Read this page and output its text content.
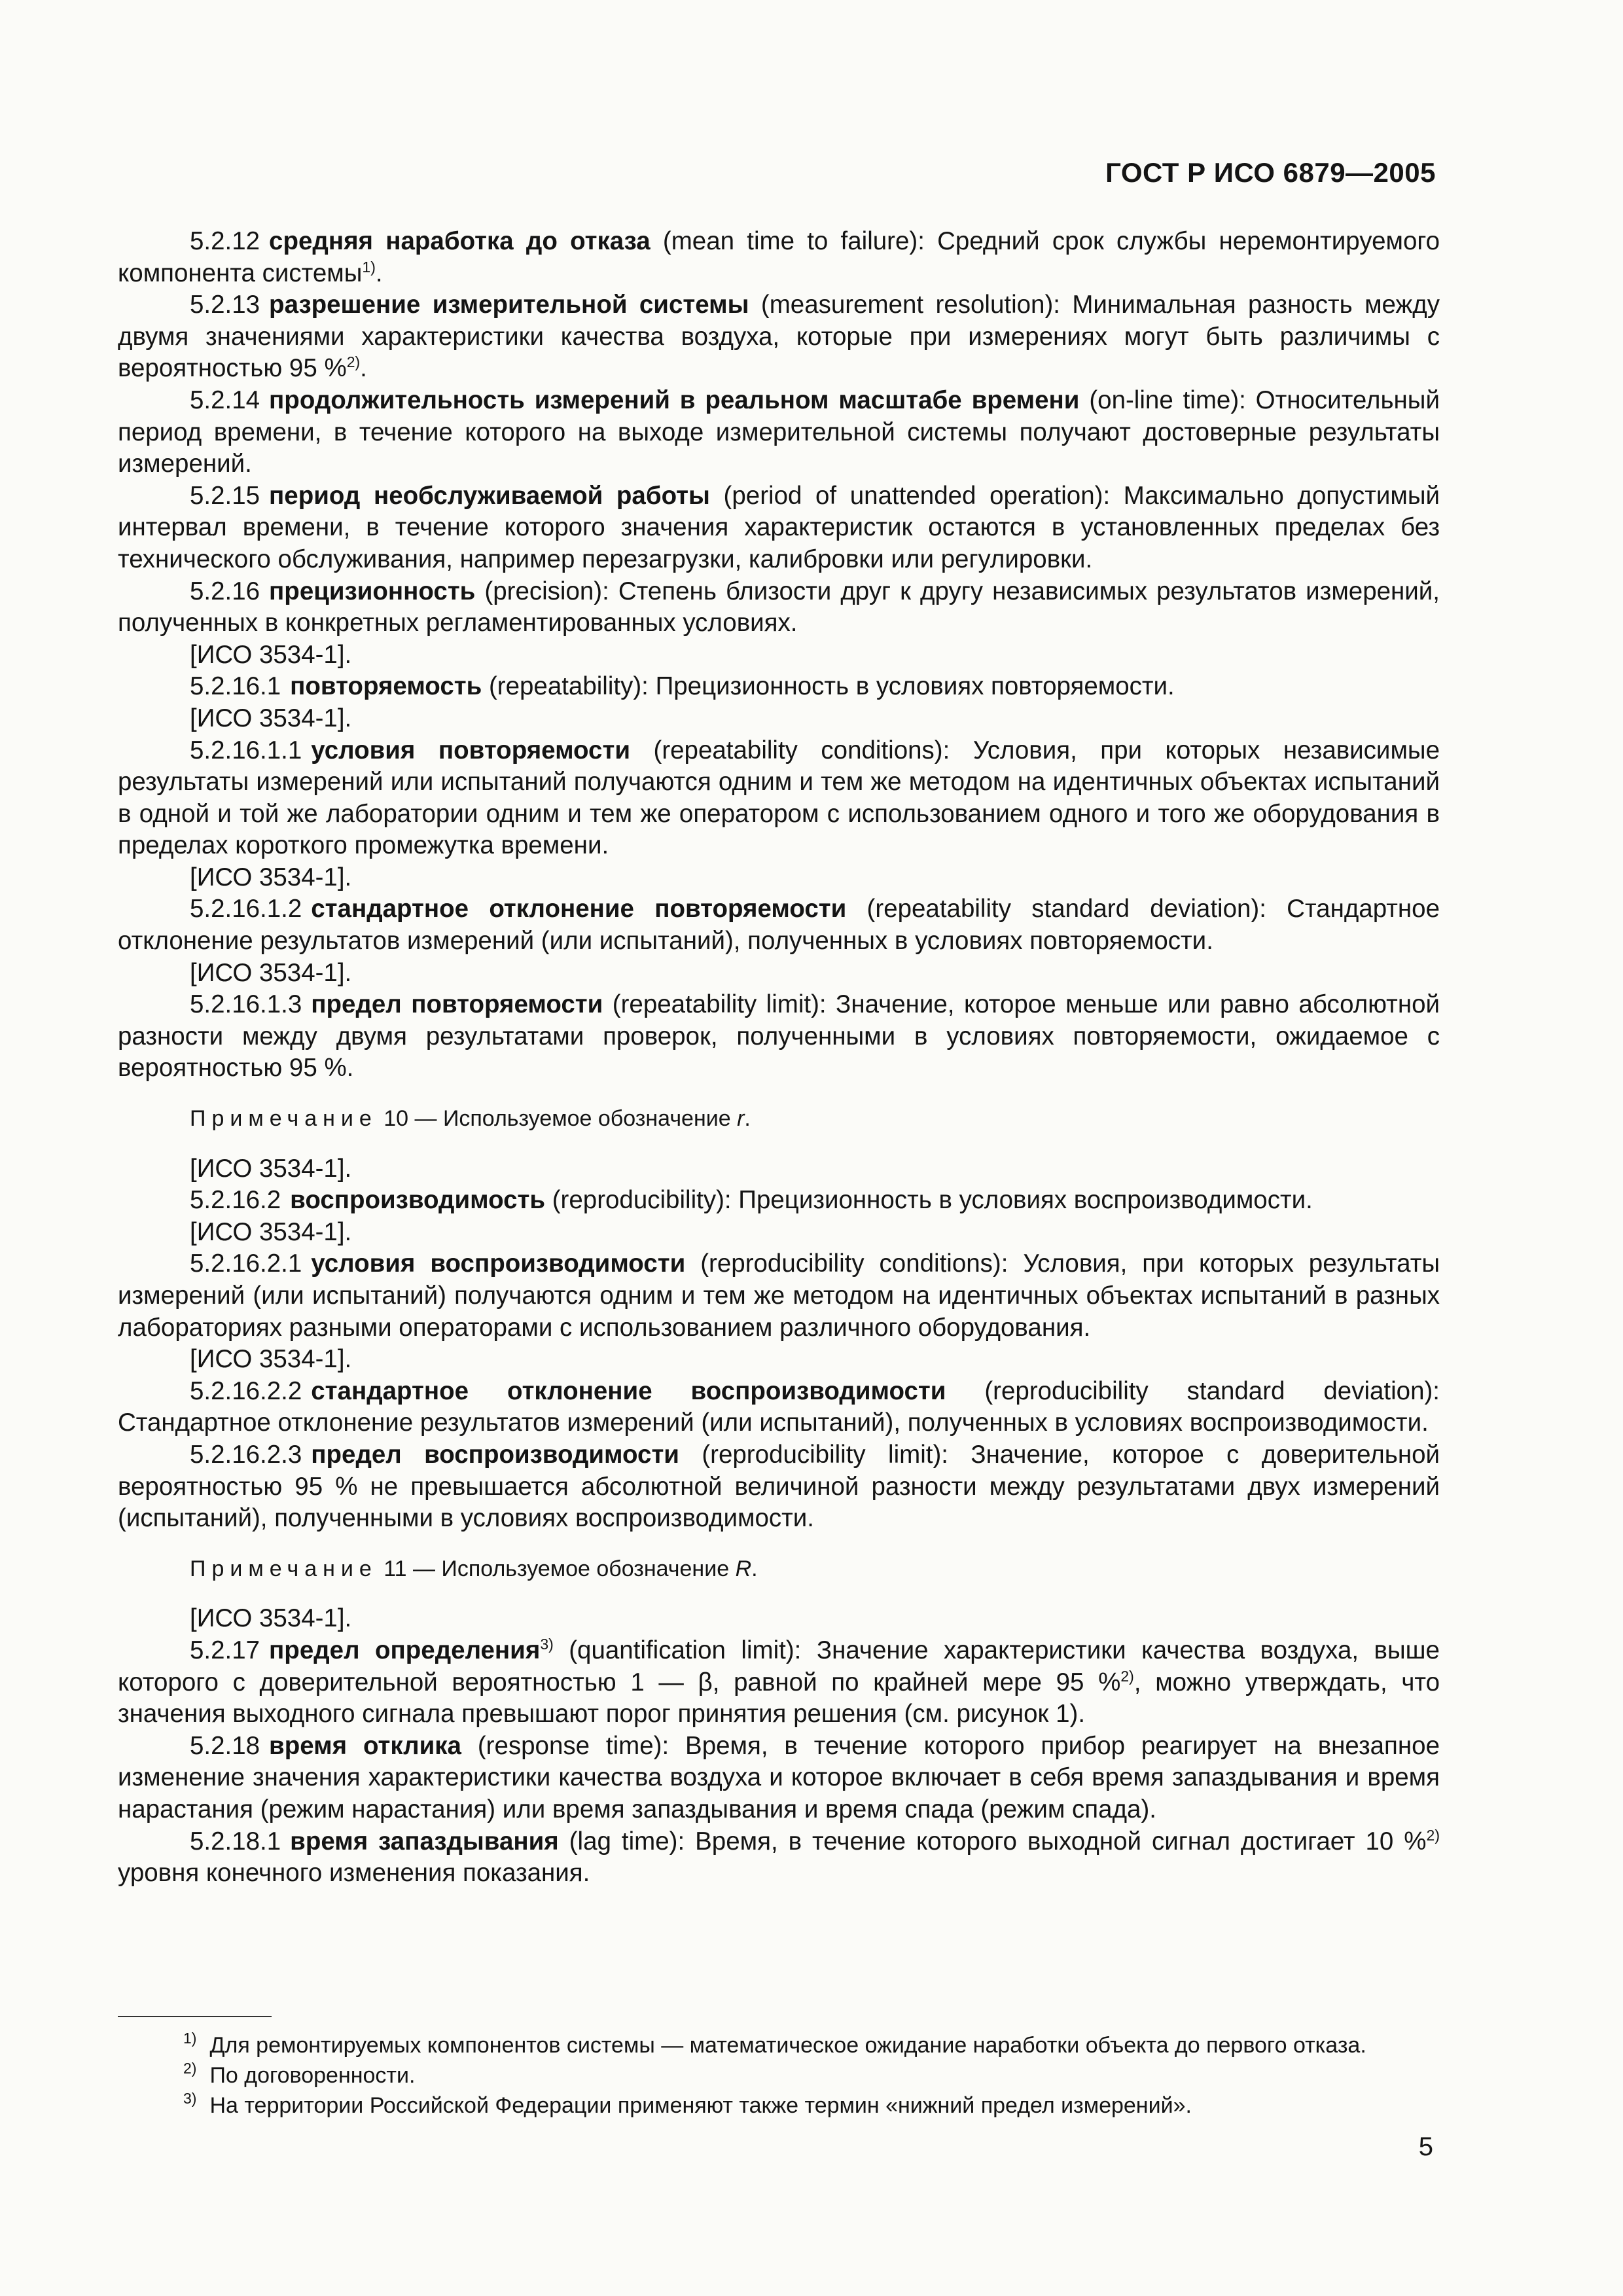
ГОСТ Р ИСО 6879—2005

5.2.12 средняя наработка до отказа (mean time to failure): Средний срок службы неремонтируемого компонента системы$^{1)}$.

5.2.13 разрешение измерительной системы (measurement resolution): Минимальная разность между двумя значениями характеристики качества воздуха, которые при измерениях могут быть различимы с вероятностью 95 %$^{2)}$.

5.2.14 продолжительность измерений в реальном масштабе времени (on-line time): Относительный период времени, в течение которого на выходе измерительной системы получают достоверные результаты измерений.

5.2.15 период необслуживаемой работы (period of unattended operation): Максимально допустимый интервал времени, в течение которого значения характеристик остаются в установленных пределах без технического обслуживания, например перезагрузки, калибровки или регулировки.

5.2.16 прецизионность (precision): Степень близости друг к другу независимых результатов измерений, полученных в конкретных регламентированных условиях.

[ИСО 3534-1].

5.2.16.1 повторяемость (repeatability): Прецизионность в условиях повторяемости.

[ИСО 3534-1].

5.2.16.1.1 условия повторяемости (repeatability conditions): Условия, при которых независимые результаты измерений или испытаний получаются одним и тем же методом на идентичных объектах испытаний в одной и той же лаборатории одним и тем же оператором с использованием одного и того же оборудования в пределах короткого промежутка времени.

[ИСО 3534-1].

5.2.16.1.2 стандартное отклонение повторяемости (repeatability standard deviation): Стандартное отклонение результатов измерений (или испытаний), полученных в условиях повторяемости.

[ИСО 3534-1].

5.2.16.1.3 предел повторяемости (repeatability limit): Значение, которое меньше или равно абсолютной разности между двумя результатами проверок, полученными в условиях повторяемости, ожидаемое с вероятностью 95 %.

Примечание 10 — Используемое обозначение r.

[ИСО 3534-1].

5.2.16.2 воспроизводимость (reproducibility): Прецизионность в условиях воспроизводимости.

[ИСО 3534-1].

5.2.16.2.1 условия воспроизводимости (reproducibility conditions): Условия, при которых результаты измерений (или испытаний) получаются одним и тем же методом на идентичных объектах испытаний в разных лабораториях разными операторами с использованием различного оборудования.

[ИСО 3534-1].

5.2.16.2.2 стандартное отклонение воспроизводимости (reproducibility standard deviation): Стандартное отклонение результатов измерений (или испытаний), полученных в условиях воспроизводимости.

5.2.16.2.3 предел воспроизводимости (reproducibility limit): Значение, которое с доверительной вероятностью 95 % не превышается абсолютной величиной разности между результатами двух измерений (испытаний), полученными в условиях воспроизводимости.

Примечание 11 — Используемое обозначение R.

[ИСО 3534-1].

5.2.17 предел определения$^{3)}$ (quantification limit): Значение характеристики качества воздуха, выше которого с доверительной вероятностью 1 — β, равной по крайней мере 95 %$^{2)}$, можно утверждать, что значения выходного сигнала превышают порог принятия решения (см. рисунок 1).

5.2.18 время отклика (response time): Время, в течение которого прибор реагирует на внезапное изменение значения характеристики качества воздуха и которое включает в себя время запаздывания и время нарастания (режим нарастания) или время запаздывания и время спада (режим спада).

5.2.18.1 время запаздывания (lag time): Время, в течение которого выходной сигнал достигает 10 %$^{2)}$ уровня конечного изменения показания.

$^{1)}$ Для ремонтируемых компонентов системы — математическое ожидание наработки объекта до первого отказа.

$^{2)}$ По договоренности.

$^{3)}$ На территории Российской Федерации применяют также термин «нижний предел измерений».

5
